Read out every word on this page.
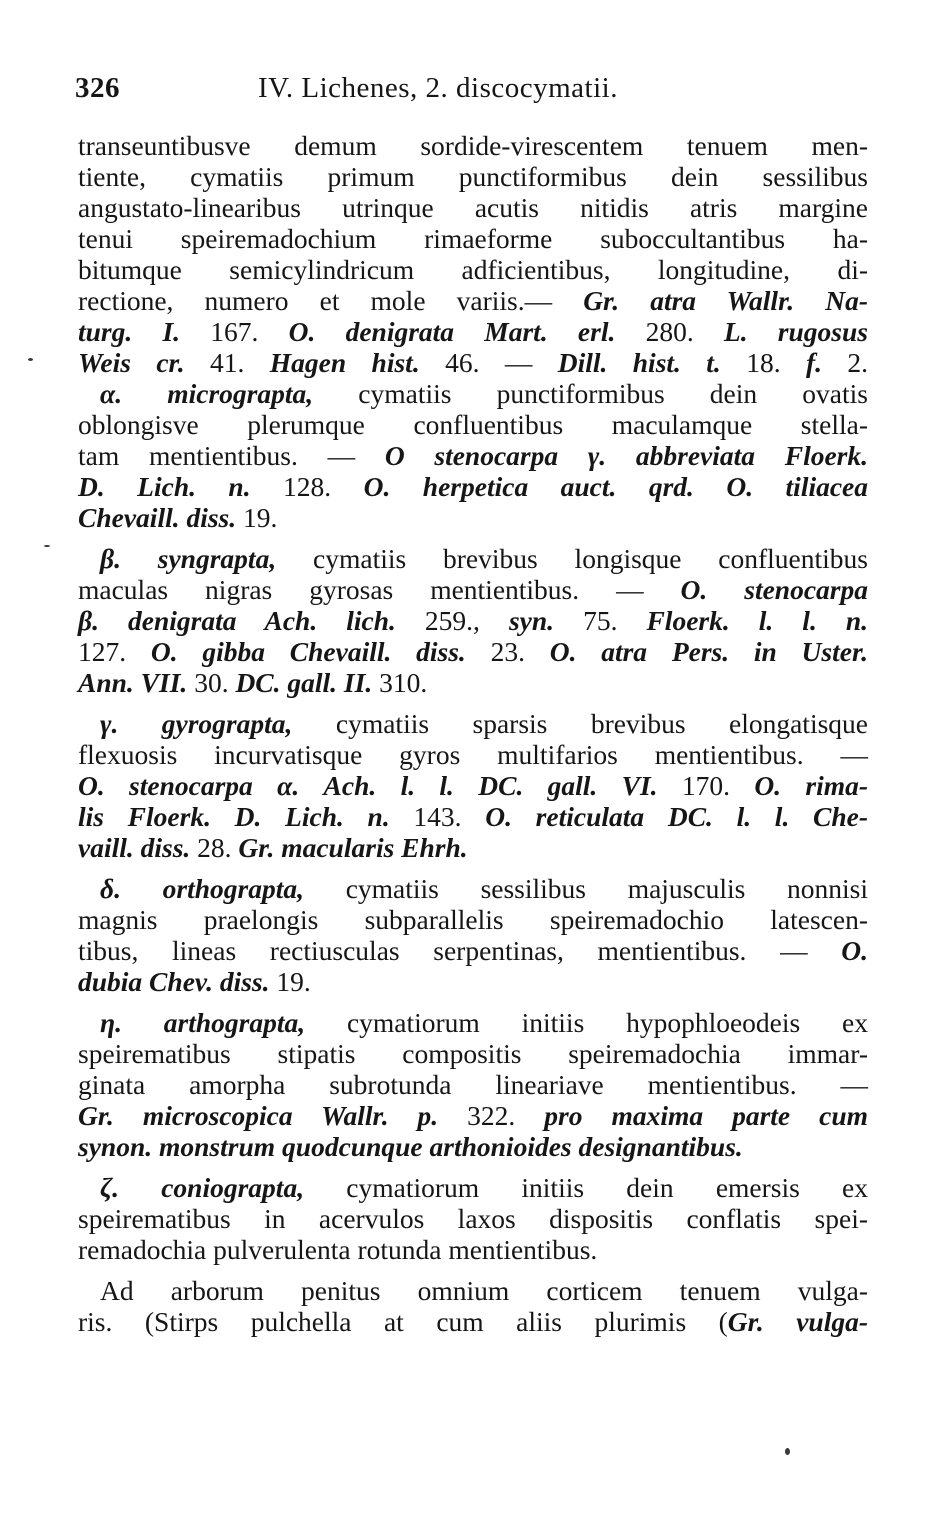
326	IV. Lichenes, 2. discocymatii.
transeuntibusve demum sordide-virescentem tenuem men-
tiente, cymatiis primum punctiformibus dein sessilibus
angustato-linearibus utrinque acutis nitidis atris margine
tenui speiremadochium rimaeforme suboccultantibus ha-
bitumque semicylindricum adficientibus, longitudine, di-
rectione, numero et mole variis.— Gr. atra Wallr. Na-
turg. I. 167. O. denigrata Mart. erl. 280. L. rugosus
Weis cr. 41. Hagen hist. 46. — Dill. hist. t. 18. f. 2.
α. micrograpta, cymatiis punctiformibus dein ovatis
oblongisve plerumque confluentibus maculamque stella-
tam mentientibus. — O stenocarpa γ. abbreviata Floerk.
D. Lich. n. 128. O. herpetica auct. qrd. O. tiliacea
Chevaill. diss. 19.
β. syngrapta, cymatiis brevibus longisque confluentibus
maculas nigras gyrosas mentientibus. — O. stenocarpa
β. denigrata Ach. lich. 259., syn. 75. Floerk. l. l. n.
127. O. gibba Chevaill. diss. 23. O. atra Pers. in Uster.
Ann. VII. 30. DC. gall. II. 310.
γ. gyrograpta, cymatiis sparsis brevibus elongatisque
flexuosis incurvatisque gyros multifarios mentientibus. —
O. stenocarpa α. Ach. l. l. DC. gall. VI. 170. O. rima-
lis Floerk. D. Lich. n. 143. O. reticulata DC. l. l. Che-
vaill. diss. 28. Gr. macularis Ehrh.
δ. orthograpta, cymatiis sessilibus majusculis nonnisi
magnis praelongis subparallelis speiremadochio latescen-
tibus, lineas rectiusculas serpentinas, mentientibus. — O.
dubia Chev. diss. 19.
η. arthograpta, cymatiorum initiis hypophloeodeis ex
speirematibus stipatis compositis speiremadochia immar-
ginata amorpha subrotunda lineariave mentientibus. —
Gr. microscopica Wallr. p. 322. pro maxima parte cum
synon. monstrum quodcunque arthonioides designantibus.
ζ. coniograpta, cymatiorum initiis dein emersis ex
speirematibus in acervulos laxos dispositis conflatis spei-
remadochia pulverulenta rotunda mentientibus.
Ad arborum penitus omnium corticem tenuem vulga-
ris. (Stirps pulchella at cum aliis plurimis (Gr. vulga-
